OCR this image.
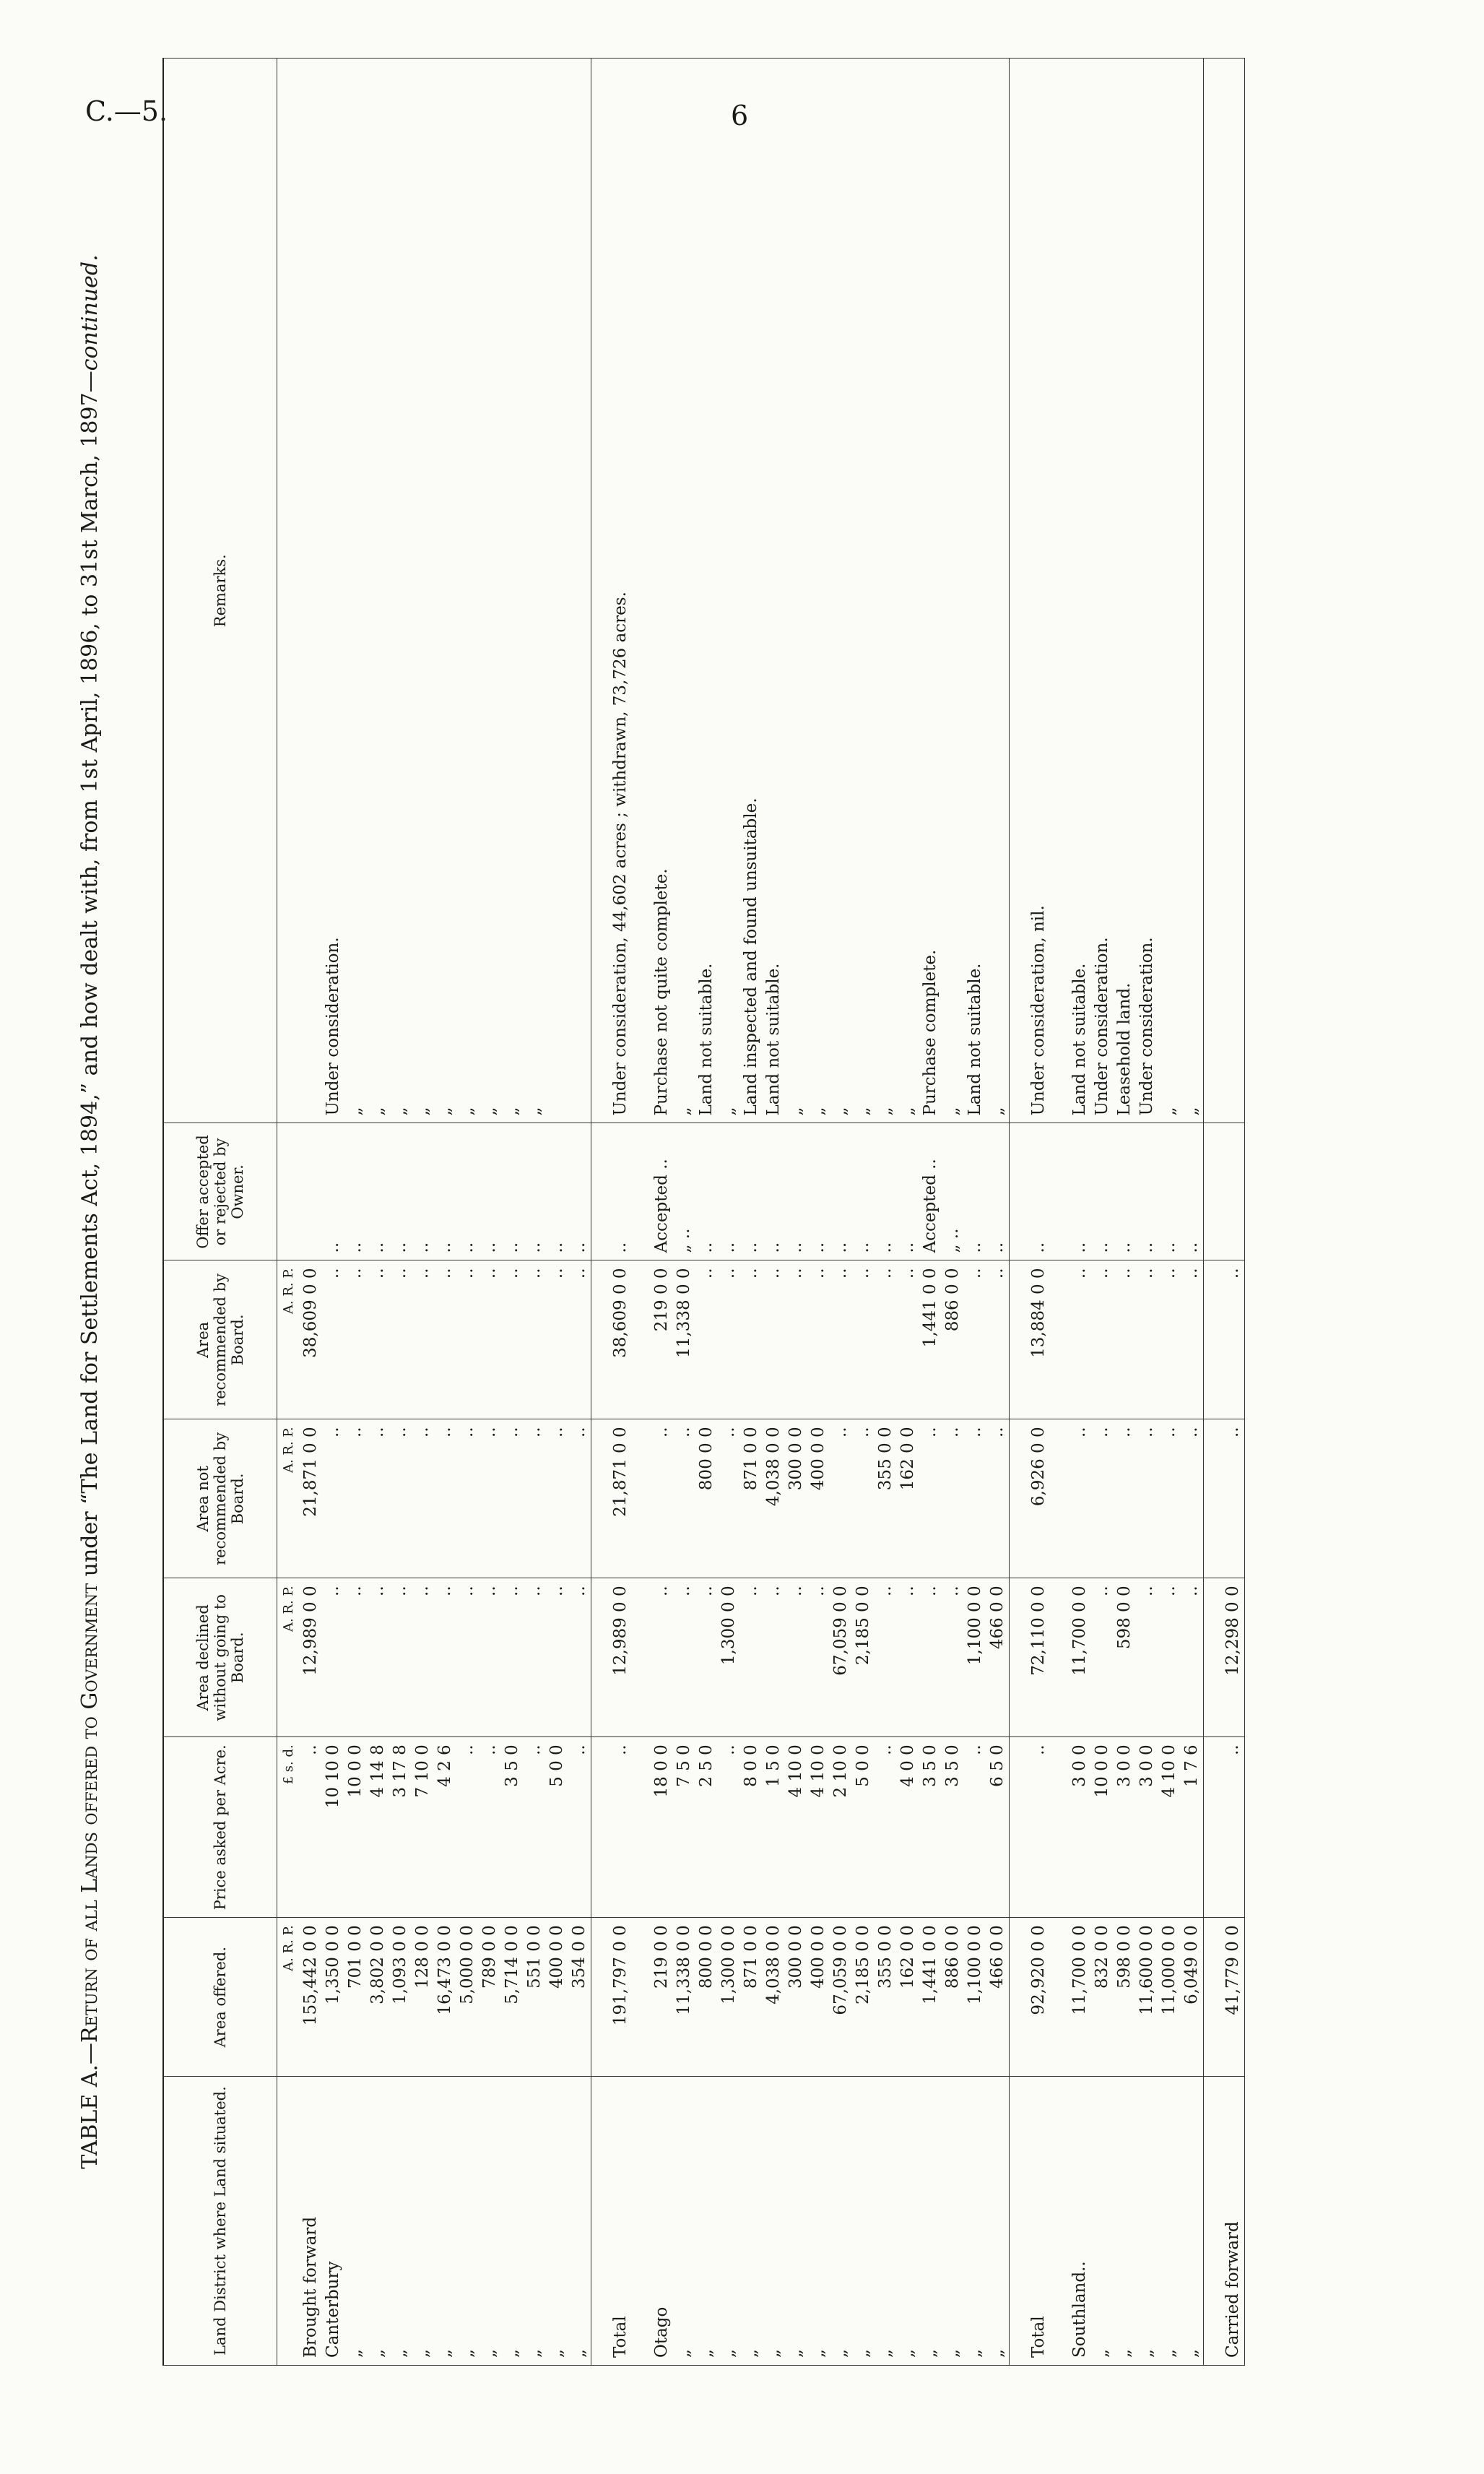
C.—5.	6
TABLE A.—Return of all Lands offered to Government under “The Land for Settlements Act, 1894,” and how dealt with, from 1st April, 1896, to 31st March, 1897—continued.
Land District where Land situated.	Area offered.	Price asked per Acre.	Area declined without going to Board.	Area not recommended by Board.	Area recommended by Board.	Offer accepted or rejected by Owner.	Remarks.
	A. R. P.	£ s. d.	A. R. P.	A. R. P.	A. R. P.		
Brought forward	155,442 0 0	..	12,989 0 0	21,871 0 0	38,609 0 0		
Canterbury	1,350 0 0	10 10 0	..	..	..	..	Under consideration.
„	701 0 0	10 0 0	..	..	..	..	„
„	3,802 0 0	4 14 8	..	..	..	..	„
„	1,093 0 0	3 17 8	..	..	..	..	„
„	128 0 0	7 10 0	..	..	..	..	„
„	16,473 0 0	4 2 6	..	..	..	..	„
„	5,000 0 0	..	..	..	..	..	„
„	789 0 0	..	..	..	..	..	„
„	5,714 0 0	3 5 0	..	..	..	..	„
„	551 0 0	..	..	..	..	..	„
„	400 0 0	5 0 0	..	..	..	..	
„	354 0 0	..	..	..	..	..	
Total	191,797 0 0	..	12,989 0 0	21,871 0 0	38,609 0 0	..	Under consideration, 44,602 acres ; withdrawn, 73,726 acres.

Otago	219 0 0	18 0 0	..	..	219 0 0	Accepted ..	Purchase not quite complete.
„	11,338 0 0	7 5 0	..	..	11,338 0 0	„ ..	„
„	800 0 0	2 5 0	..	800 0 0	..	..	Land not suitable.
„	1,300 0 0	..	1,300 0 0	..	..	..	„
„	871 0 0	8 0 0	..	871 0 0	..	..	Land inspected and found unsuitable.
„	4,038 0 0	1 5 0	..	4,038 0 0	..	..	Land not suitable.
„	300 0 0	4 10 0	..	300 0 0	..	..	„
„	400 0 0	4 10 0	..	400 0 0	..	..	„
„	67,059 0 0	2 10 0	67,059 0 0	..	..	..	„
„	2,185 0 0	5 0 0	2,185 0 0	..	..	..	„
„	355 0 0	..	..	355 0 0	..	..	„
„	162 0 0	4 0 0	..	162 0 0	..	..	„
„	1,441 0 0	3 5 0	..	..	1,441 0 0	Accepted ..	Purchase complete.
„	886 0 0	3 5 0	..	..	886 0 0	„ ..	„
„	1,100 0 0	..	1,100 0 0	..	..	..	Land not suitable.
„	466 0 0	6 5 0	466 0 0	..	..	..	„
Total	92,920 0 0	..	72,110 0 0	6,926 0 0	13,884 0 0	..	Under consideration, nil.

Southland..	11,700 0 0	3 0 0	11,700 0 0	..	..	..	Land not suitable.
„	832 0 0	10 0 0	..	..	..	..	Under consideration.
„	598 0 0	3 0 0	598 0 0	..	..	..	Leasehold land.
„	11,600 0 0	3 0 0	..	..	..	..	Under consideration.
„	11,000 0 0	4 10 0	..	..	..	..	„
„	6,049 0 0	1 7 6	..	..	..	..	„
Carried forward	41,779 0 0	..	12,298 0 0	..	..		
